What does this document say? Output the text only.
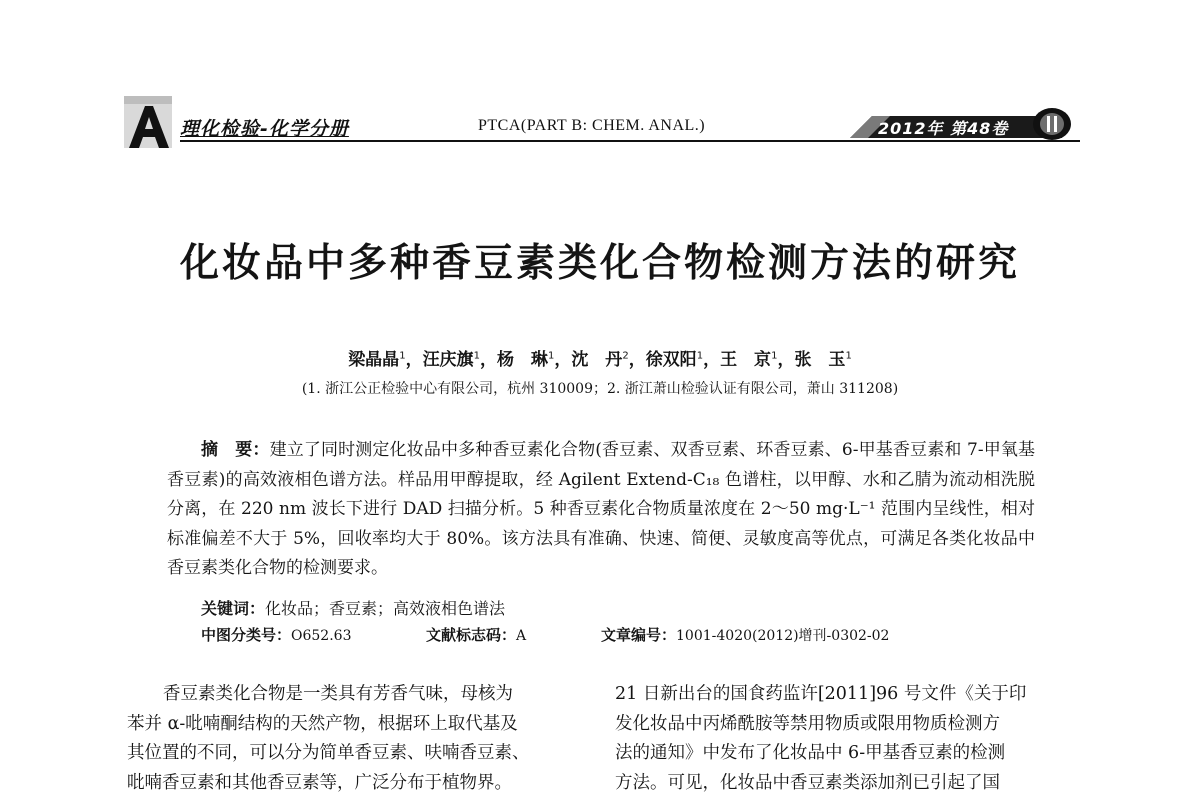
理化检验-化学分册	PTCA(PART B: CHEM. ANAL.)	2012年 第48卷
化妆品中多种香豆素类化合物检测方法的研究
梁晶晶$^1$，汪庆旗$^1$，杨　琳$^1$，沈　丹$^2$，徐双阳$^1$，王　京$^1$，张　玉$^1$
(1. 浙江公正检验中心有限公司，杭州 310009；2. 浙江萧山检验认证有限公司，萧山 311208)
摘　要：建立了同时测定化妆品中多种香豆素化合物(香豆素、双香豆素、环香豆素、6-甲基香豆素和 7-甲氧基香豆素)的高效液相色谱方法。样品用甲醇提取，经 Agilent Extend-C₁₈ 色谱柱，以甲醇、水和乙腈为流动相洗脱分离，在 220 nm 波长下进行 DAD 扫描分析。5 种香豆素化合物质量浓度在 2～50 mg·L⁻¹ 范围内呈线性，相对标准偏差不大于 5%，回收率均大于 80%。该方法具有准确、快速、简便、灵敏度高等优点，可满足各类化妆品中香豆素类化合物的检测要求。
关键词：化妆品；香豆素；高效液相色谱法
中图分类号：O652.63	文献标志码：A	文章编号：1001-4020(2012)增刊-0302-02
香豆素类化合物是一类具有芳香气味，母核为
苯并 α-吡喃酮结构的天然产物，根据环上取代基及
其位置的不同，可以分为简单香豆素、呋喃香豆素、
吡喃香豆素和其他香豆素等，广泛分布于植物界。
21 日新出台的国食药监许[2011]96 号文件《关于印
发化妆品中丙烯酰胺等禁用物质或限用物质检测方
法的通知》中发布了化妆品中 6-甲基香豆素的检测
方法。可见，化妆品中香豆素类添加剂已引起了国
